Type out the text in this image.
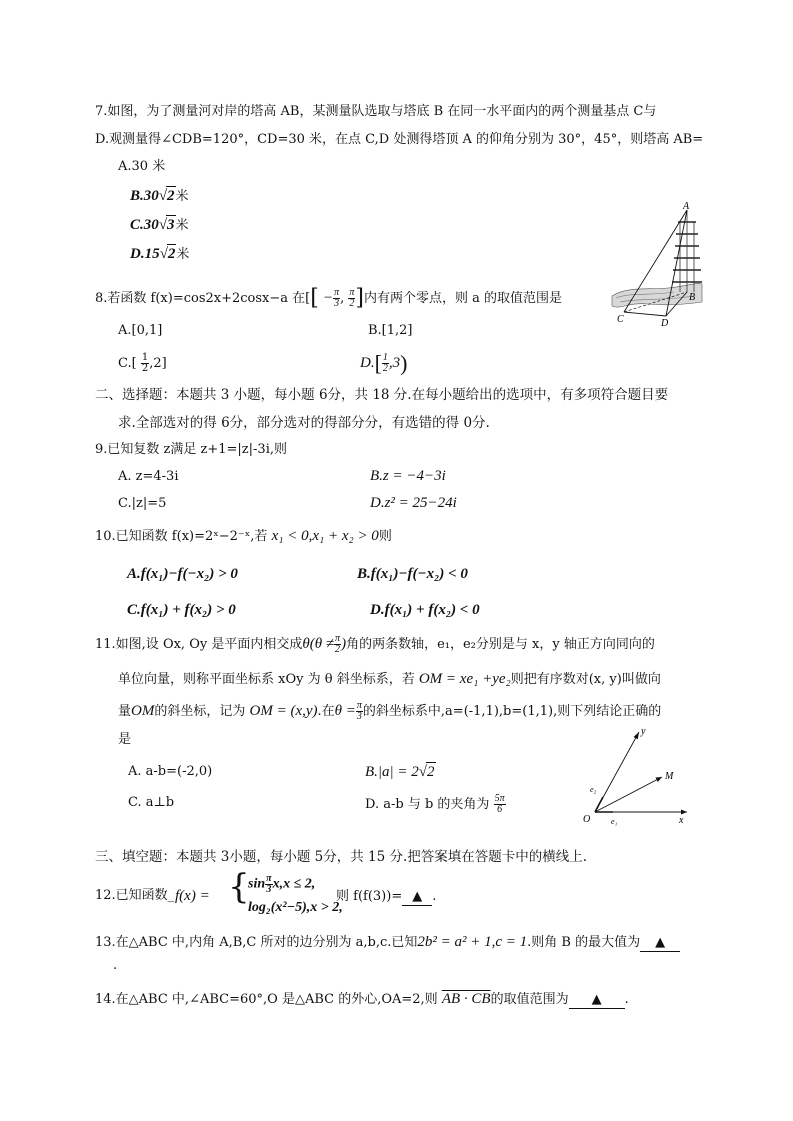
7.如图，为了测量河对岸的塔高 AB，某测量队选取与塔底 B 在同一水平面内的两个测量基点 C与
D.观测量得∠CDB=120°，CD=30 米，在点 C,D 处测得塔顶 A 的仰角分别为 30°，45°，则塔高 AB=
A.30 米
B.30√2米
C.30√3米
D.15√2米
A
B
C	D
8.若函数 f(x)=cos2x+2cosx−a 在[[ − $\frac{\pi}{3}$ , $\frac{\pi}{2}$ ]内有两个零点，则 a 的取值范围是
A.[0,1]	B.[1,2]
$C.[ \frac{1}{2} ,2]$	$D.[ \frac{1}{2} ,3)$
二、选择题：本题共 3 小题，每小题 6分，共 18 分.在每小题给出的选项中，有多项符合题目要
求.全部选对的得 6分，部分选对的得部分分，有选错的得 0分.
9.已知复数 z满足 z+1=|z|-3i,则
A. z=4-3i	B.z = −4−3i
C.|z|=5	D.z² = 25−24i
10.已知函数 f(x)=2ˣ−2⁻ˣ,若 x₁ < 0,x₁ + x₂ > 0则
A.f(x₁)−f(−x₂) > 0	B.f(x₁)−f(−x₂) < 0
C.f(x₁) + f(x₂) > 0	D.f(x₁) + f(x₂) < 0
11.如图,设 Ox, Oy 是平面内相交成$\theta(\theta \ne \frac{\pi}{2}$ )角的两条数轴，e₁，e₂分别是与 x，y 轴正方向同向的
单位向量，则称平面坐标系 xOy 为 θ 斜坐标系，若 OM = xe₁ +ye₂则把有序数对(x, y)叫做向
量OM的斜坐标，记为 OM = (x,y).在$\theta = \frac{\pi}{3}$ 的斜坐标系中,a=(-1,1),b=(1,1),则下列结论正确的
是
A. a-b=(-2,0)	B.|a| = 2√2
C. a⊥b	D. a-b 与 b 的夹角为 $\frac{5\pi}{6}$
y
M
e₂
O	e₁	x
三、填空题：本题共 3小题，每小题 5分，共 15 分.把答案填在答题卡中的横线上.
12.已知函数_ f(x) = {
$\sin \frac{\pi}{3} x,x \le 2$,
log₂(x²−5),x > 2,
则 f(f(3))= ▲ .
13.在△ABC 中,内角 A,B,C 所对的边分别为 a,b,c.已知2b² = a² + 1,c = 1.则角 B 的最大值为 ▲
.
14.在△ABC 中,∠ABC=60°,O 是△ABC 的外心,OA=2,则 AB · CB的取值范围为 ▲ .
